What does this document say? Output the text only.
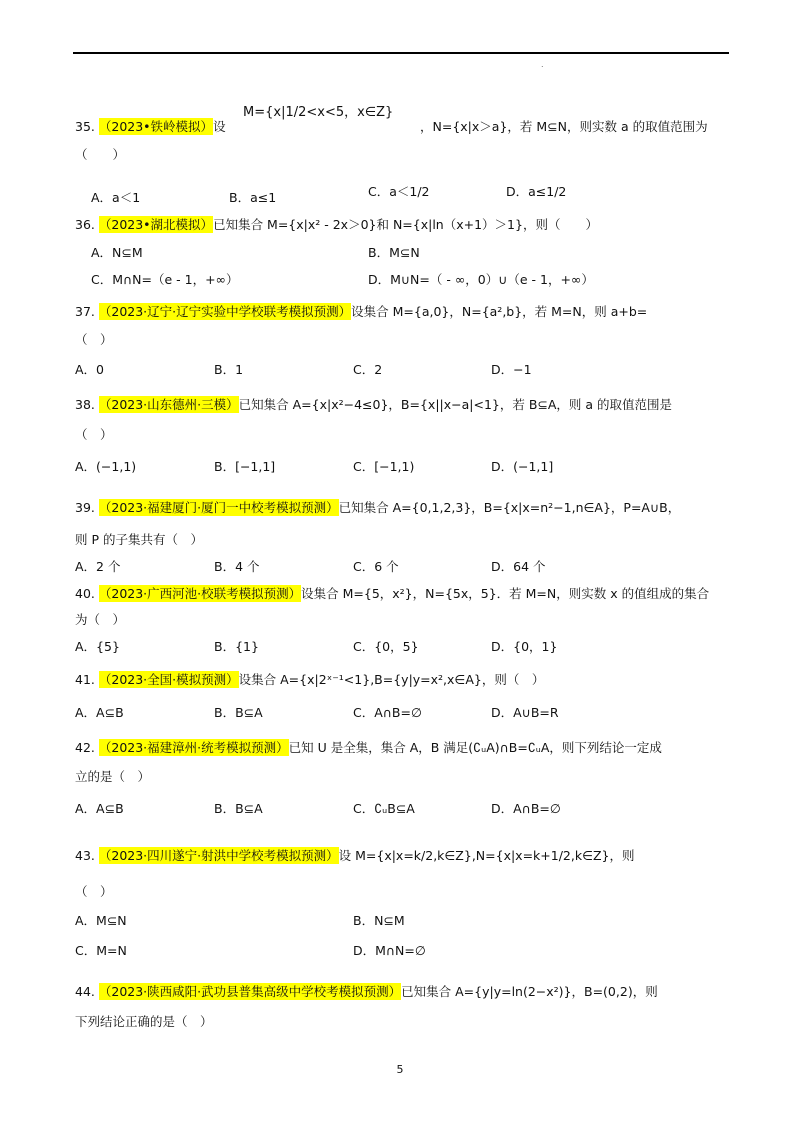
.
35. （2023•铁岭模拟）设
M={x|1/2<x<5，x∈Z}
，N={x|x＞a}，若 M⊆N，则实数 a 的取值范围为
（　　）
A．a＜1	B．a≤1	C．a＜1/2	D．a≤1/2
36. （2023•湖北模拟）已知集合 M={x|x² - 2x＞0}和 N={x|ln（x+1）＞1}，则（　　）
A．N⊆M	B．M⊆N
C．M∩N=（e - 1，+∞）	D．M∪N=（ - ∞，0）∪（e - 1，+∞）
37. （2023·辽宁·辽宁实验中学校联考模拟预测）设集合 M={a,0}，N={a²,b}，若 M=N，则 a+b=
（　）
A．0	B．1	C．2	D．−1
38. （2023·山东德州·三模）已知集合 A={x|x²−4≤0}，B={x||x−a|<1}，若 B⊆A，则 a 的取值范围是
（　）
A．(−1,1)	B．[−1,1]	C．[−1,1)	D．(−1,1]
39. （2023·福建厦门·厦门一中校考模拟预测）已知集合 A={0,1,2,3}，B={x|x=n²−1,n∈A}，P=A∪B，
则 P 的子集共有（　）
A．2 个	B．4 个	C．6 个	D．64 个
40. （2023·广西河池·校联考模拟预测）设集合 M={5，x²}，N={5x，5}．若 M=N，则实数 x 的值组成的集合
为（　）
A．{5}	B．{1}	C．{0，5}	D．{0，1}
41. （2023·全国·模拟预测）设集合 A={x|2ˣ⁻¹<1},B={y|y=x²,x∈A}，则（　）
A．A⊆B	B．B⊆A	C．A∩B=∅	D．A∪B=R
42. （2023·福建漳州·统考模拟预测）已知 U 是全集，集合 A，B 满足(∁ᵤA)∩B=∁ᵤA，则下列结论一定成
立的是（　）
A．A⊆B	B．B⊆A	C．∁ᵤB⊆A	D．A∩B=∅
43. （2023·四川遂宁·射洪中学校考模拟预测）设 M={x|x=k/2,k∈Z},N={x|x=k+1/2,k∈Z}，则
（　）
A．M⊆N	B．N⊆M
C．M=N	D．M∩N=∅
44. （2023·陕西咸阳·武功县普集高级中学校考模拟预测）已知集合 A={y|y=ln(2−x²)}，B=(0,2)，则
下列结论正确的是（　）
5
